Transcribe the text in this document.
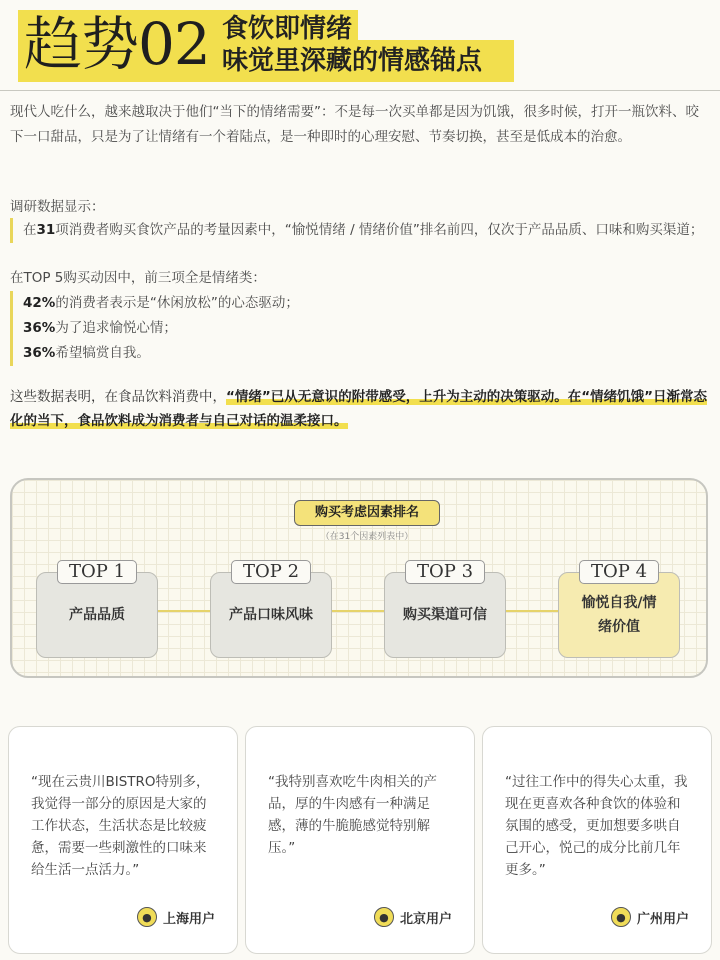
趋势02 食饮即情绪
味觉里深藏的情感锚点
现代人吃什么，越来越取决于他们“当下的情绪需要”：不是每一次买单都是因为饥饿，很多时候，打开一瓶饮料、咬下一口甜品，只是为了让情绪有一个着陆点，是一种即时的心理安慰、节奏切换，甚至是低成本的治愈。
调研数据显示：
在31项消费者购买食饮产品的考量因素中，“愉悦情绪 / 情绪价值”排名前四，仅次于产品品质、口味和购买渠道；
在TOP 5购买动因中，前三项全是情绪类：
42%的消费者表示是“休闲放松”的心态驱动；
36%为了追求愉悦心情；
36%希望犒赏自我。
这些数据表明，在食品饮料消费中，“情绪”已从无意识的附带感受，上升为主动的决策驱动。在“情绪饥饿”日渐常态化的当下，食品饮料成为消费者与自己对话的温柔接口。
购买考虑因素排名
（在31个因素列表中）
产品品质
TOP 1
产品口味风味
TOP 2
购买渠道可信
TOP 3
愉悦自我/情绪价值
TOP 4
“现在云贵川BISTRO特别多，我觉得一部分的原因是大家的工作状态，生活状态是比较疲惫，需要一些刺激性的口味来给生活一点活力。”
● 上海用户
“我特别喜欢吃牛肉相关的产品，厚的牛肉感有一种满足感，薄的牛脆脆感觉特别解压。”
● 北京用户
“过往工作中的得失心太重，我现在更喜欢各种食饮的体验和氛围的感受，更加想要多哄自己开心，悦己的成分比前几年更多。”
● 广州用户
